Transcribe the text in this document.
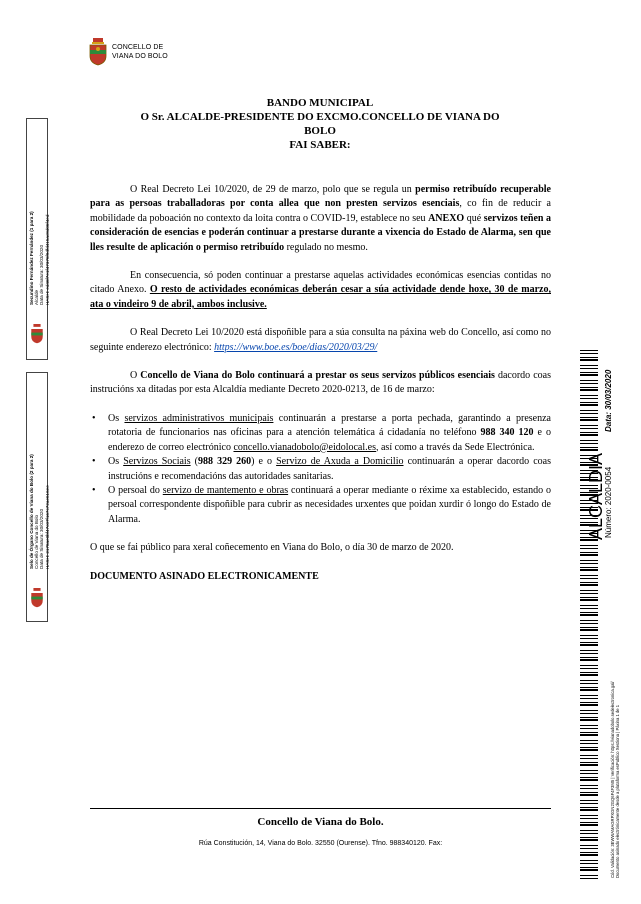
CONCELLO DE
VIANA DO BOLO
BANDO MUNICIPAL
O Sr. ALCALDE-PRESIDENTE DO EXCMO.CONCELLO DE VIANA DO
BOLO
FAI SABER:

O Real Decreto Lei 10/2020, de 29 de marzo, polo que se regula un permiso retribuído recuperable para as persoas traballadoras por conta allea que non presten servizos esenciais, co fin de reducir a mobilidade da poboación no contexto da loita contra o COVID-19, establece no seu ANEXO qué servizos teñen a consideración de esencias e poderán continuar a prestarse durante a vixencia do Estado de Alarma, sen que lles resulte de aplicación o permiso retribuído regulado no mesmo.

En consecuencia, só poden continuar a prestarse aquelas actividades económicas esencias contidas no citado Anexo. O resto de actividades económicas deberán cesar a súa actividade dende hoxe, 30 de marzo, ata o vindeiro 9 de abril, ambos inclusive.

O Real Decreto Lei 10/2020 está dispoñible para a súa consulta na páxina web do Concello, así como no seguinte enderezo electrónico: https://www.boe.es/boe/dias/2020/03/29/

O Concello de Viana do Bolo continuará a prestar os seus servizos públicos esenciais dacordo coas instrucións xa ditadas por esta Alcaldía mediante Decreto 2020-0213, de 16 de marzo:

• Os servizos administrativos municipais continuarán a prestarse a porta pechada, garantindo a presenza rotatoria de funcionarios nas oficinas para a atención telemática á cidadanía no teléfono 988 340 120 e o enderezo de correo electrónico concello.vianadobolo@eidolocal.es, así como a través da Sede Electrónica.
• Os Servizos Sociais (988 329 260) e o Servizo de Axuda a Domicilio continuarán a operar dacordo coas instrucións e recomendacións das autoridades sanitarias.
• O persoal do servizo de mantemento e obras continuará a operar mediante o réxime xa establecido, estando o persoal correspondente dispoñible para cubrir as necesidades urxentes que poidan xurdir ó longo do Estado de Alarma.

O que se fai público para xeral coñecemento en Viana do Bolo, o día 30 de marzo de 2020.

DOCUMENTO ASINADO ELECTRONICAMENTE

Concello de Viana do Bolo.
Rúa Constitución, 14, Viana do Bolo. 32550 (Ourense). Tfno. 988340120. Fax:
Secundino Fernández Fernández (1 para 2) Alcalde Data de Sinatura: 30/03/2020 HASH: ed46f7e1f47376f9dfd415ac8d06f4ed
Selo de Órgano Concello de Viana do Bolo (2 para 2) Concello de Viana do Bolo Data de Sinatura: 30/03/2020 HASH: 2178ae0bf47c07f167c72ae616ee	ALCALDIA
Número: 2020-0054
Data: 30/03/2020
Cód. Validación: 3EWWAMAGRPXGN2GQ6F4F3M5 | Verificación: https://vianadobolo.sedelectronica.gal/ Documento asinado electrónicamente desde a plataforma esPublico Xestiona | Páxina 1 de 1
